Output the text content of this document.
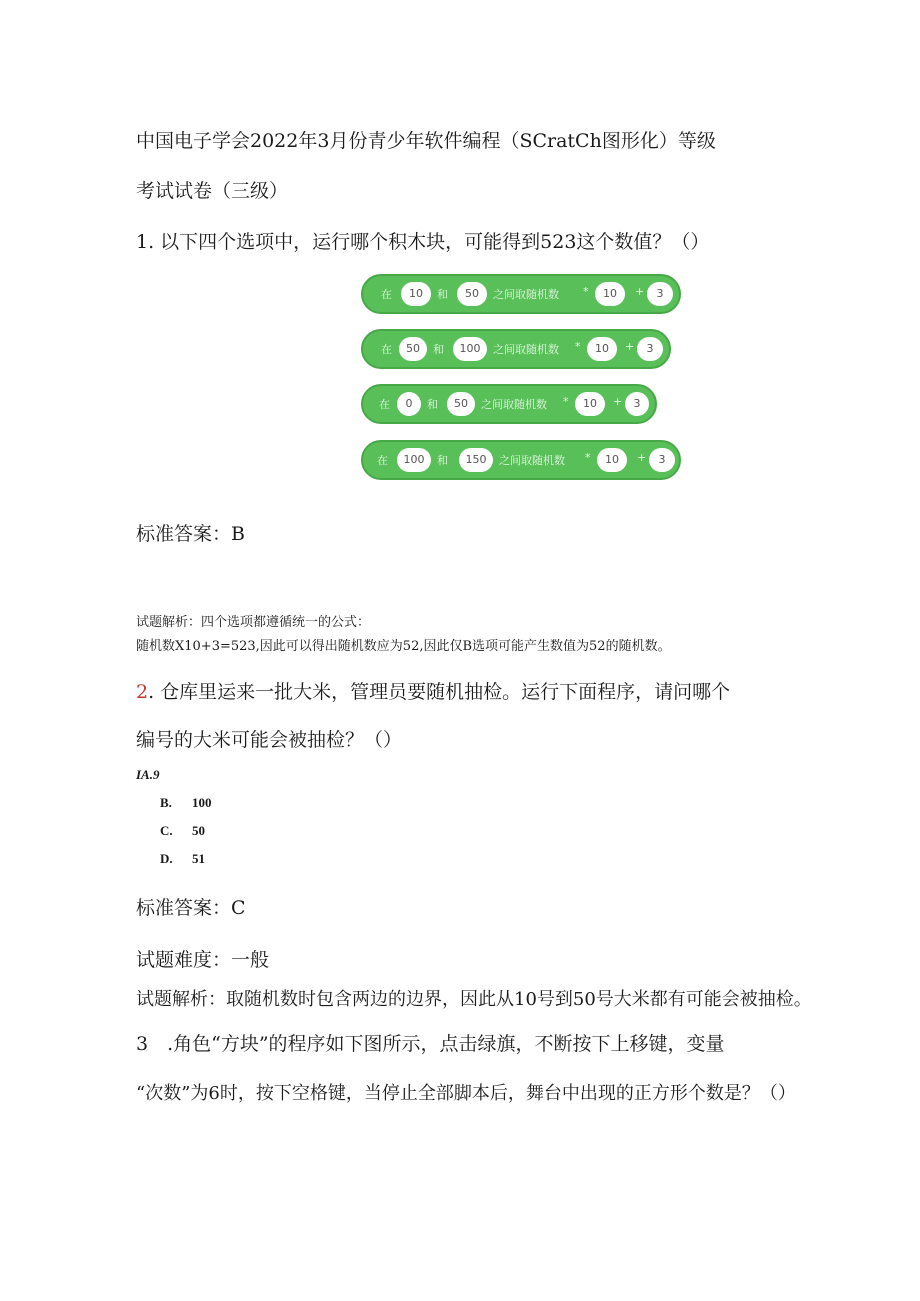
中国电子学会2022年3月份青少年软件编程（SCratCh图形化）等级
考试试卷（三级）
1. 以下四个选项中，运行哪个积木块，可能得到523这个数值？（）
在	10	和	50	之间取随机数 *	10	+	3
在	50	和	100	之间取随机数 *	10	+	3
在	0	和	50	之间取随机数 *	10	+	3
在	100	和	150	之间取随机数 *	10	+	3
标准答案：B
试题解析：四个选项都遵循统一的公式：
随机数X10+3=523,因此可以得出随机数应为52,因此仅B选项可能产生数值为52的随机数。
2. 仓库里运来一批大米，管理员要随机抽检。运行下面程序，请问哪个
编号的大米可能会被抽检？（）
IA.9
B. 100
C. 50
D. 51
标准答案：C
试题难度：一般
试题解析：取随机数时包含两边的边界，因此从10号到50号大米都有可能会被抽检。
3　.角色“方块”的程序如下图所示，点击绿旗，不断按下上移键，变量
“次数”为6时，按下空格键，当停止全部脚本后，舞台中出现的正方形个数是？（）
